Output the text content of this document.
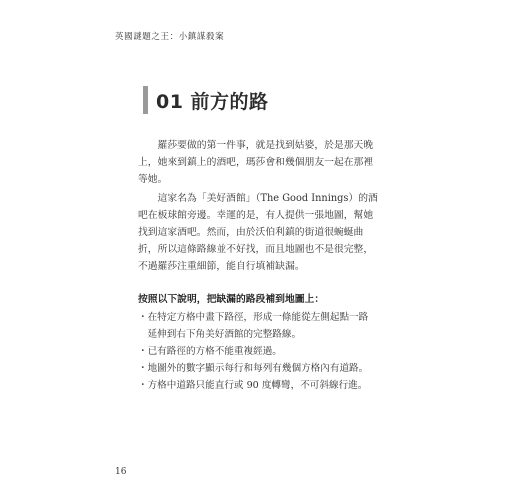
英國謎題之王：小鎮謀殺案
01 前方的路
　　羅莎要做的第一件事，就是找到姑婆，於是那天晚
上，她來到鎮上的酒吧，瑪莎會和幾個朋友一起在那裡
等她。
　　這家名為「美好酒館」（The Good Innings）的酒
吧在板球館旁邊。幸運的是，有人提供一張地圖，幫她
找到這家酒吧。然而，由於沃伯利鎮的街道很蜿蜒曲
折，所以這條路線並不好找，而且地圖也不是很完整，
不過羅莎注重細節，能自行填補缺漏。
按照以下說明，把缺漏的路段補到地圖上：
・在特定方格中畫下路徑，形成一條能從左側起點一路
　延伸到右下角美好酒館的完整路線。
・已有路徑的方格不能重複經過。
・地圖外的數字顯示每行和每列有幾個方格內有道路。
・方格中道路只能直行或 90 度轉彎，不可斜線行進。
16
